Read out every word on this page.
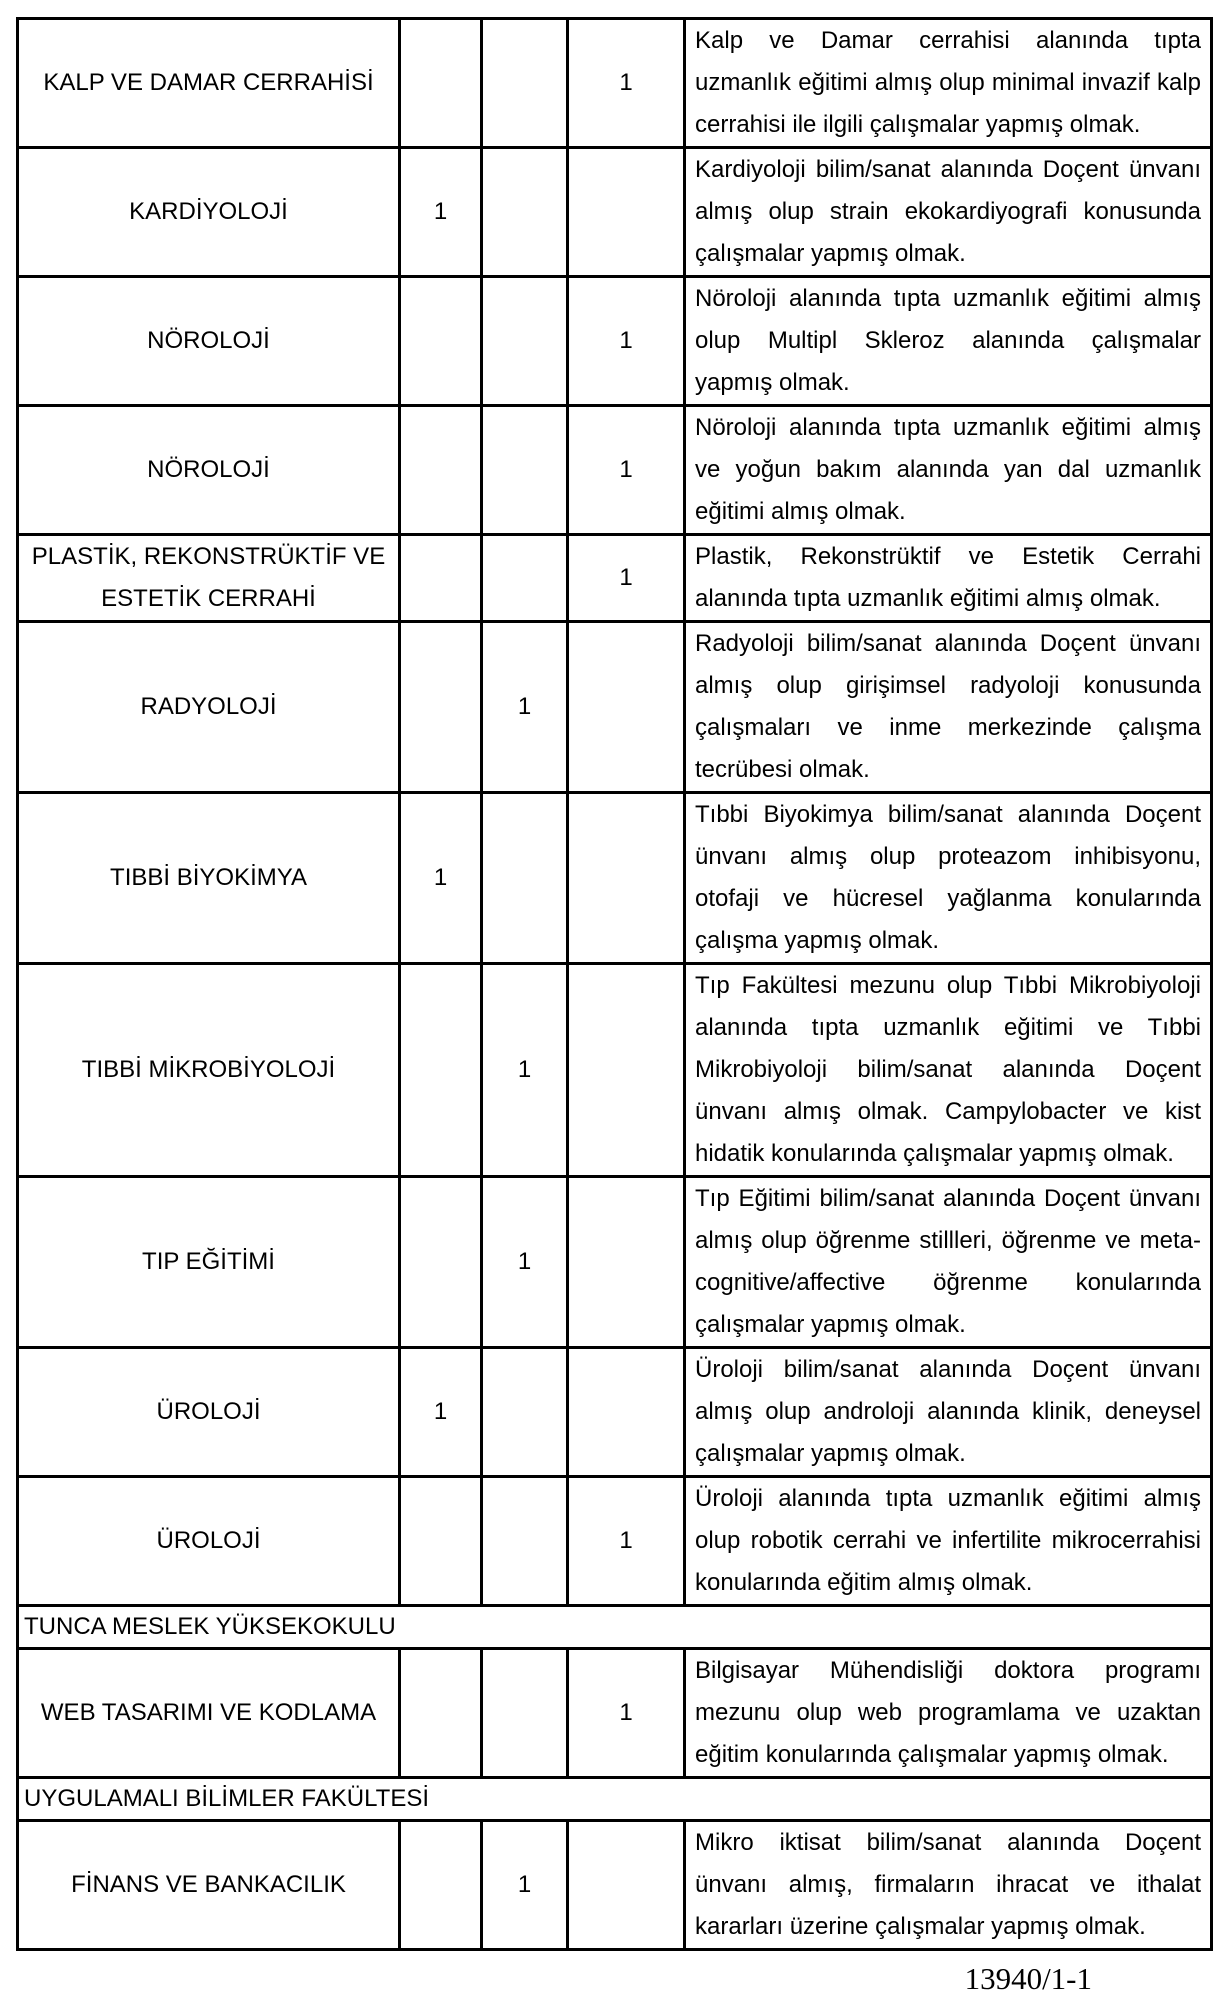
KALP VE DAMAR CERRAHİSİ			1	Kalp ve Damar cerrahisi alanında tıpta uzmanlık eğitimi almış olup minimal invazif kalp cerrahisi ile ilgili çalışmalar yapmış olmak.
KARDİYOLOJİ	1			Kardiyoloji bilim/sanat alanında Doçent ünvanı almış olup strain ekokardiyografi konusunda çalışmalar yapmış olmak.
NÖROLOJİ			1	Nöroloji alanında tıpta uzmanlık eğitimi almış olup Multipl Skleroz alanında çalışmalar yapmış olmak.
NÖROLOJİ			1	Nöroloji alanında tıpta uzmanlık eğitimi almış ve yoğun bakım alanında yan dal uzmanlık eğitimi almış olmak.
PLASTİK, REKONSTRÜKTİF VE ESTETİK CERRAHİ			1	Plastik, Rekonstrüktif ve Estetik Cerrahi alanında tıpta uzmanlık eğitimi almış olmak.
RADYOLOJİ		1		Radyoloji bilim/sanat alanında Doçent ünvanı almış olup girişimsel radyoloji konusunda çalışmaları ve inme merkezinde çalışma tecrübesi olmak.
TIBBİ BİYOKİMYA	1			Tıbbi Biyokimya bilim/sanat alanında Doçent ünvanı almış olup proteazom inhibisyonu, otofaji ve hücresel yağlanma konularında çalışma yapmış olmak.
TIBBİ MİKROBİYOLOJİ		1		Tıp Fakültesi mezunu olup Tıbbi Mikrobiyoloji alanında tıpta uzmanlık eğitimi ve Tıbbi Mikrobiyoloji bilim/sanat alanında Doçent ünvanı almış olmak. Campylobacter ve kist hidatik konularında çalışmalar yapmış olmak.
TIP EĞİTİMİ		1		Tıp Eğitimi bilim/sanat alanında Doçent ünvanı almış olup öğrenme stillleri, öğrenme ve meta-cognitive/affective öğrenme konularında çalışmalar yapmış olmak.
ÜROLOJİ	1			Üroloji bilim/sanat alanında Doçent ünvanı almış olup androloji alanında klinik, deneysel çalışmalar yapmış olmak.
ÜROLOJİ			1	Üroloji alanında tıpta uzmanlık eğitimi almış olup robotik cerrahi ve infertilite mikrocerrahisi konularında eğitim almış olmak.
TUNCA MESLEK YÜKSEKOKULU				
WEB TASARIMI VE KODLAMA			1	Bilgisayar Mühendisliği doktora programı mezunu olup web programlama ve uzaktan eğitim konularında çalışmalar yapmış olmak.
UYGULAMALI BİLİMLER FAKÜLTESİ				
FİNANS VE BANKACILIK		1		Mikro iktisat bilim/sanat alanında Doçent ünvanı almış, firmaların ihracat ve ithalat kararları üzerine çalışmalar yapmış olmak.
13940/1-1
